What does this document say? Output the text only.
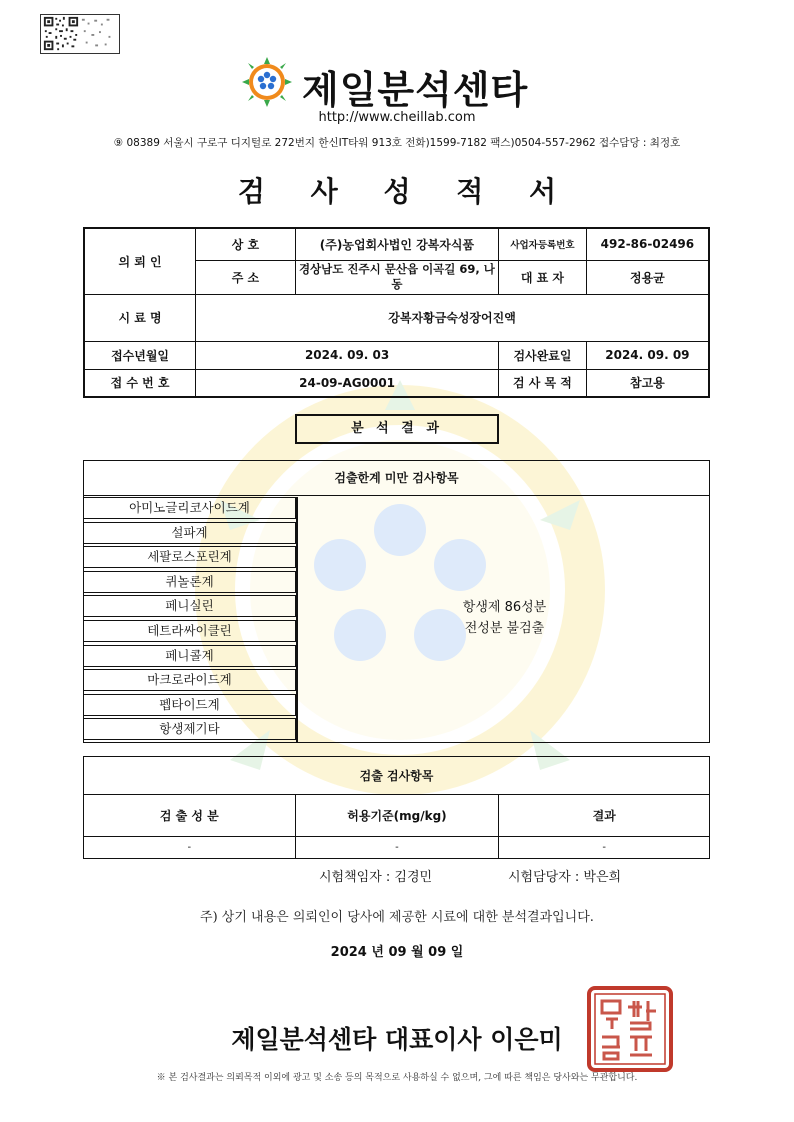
제일분석센타
http://www.cheillab.com
⑨ 08389 서울시 구로구 디지털로 272번지 한신IT타워 913호 전화)1599-7182 팩스)0504-557-2962 접수담당 : 최정호
검 사 성 적 서
의 뢰 인	상 호	(주)농업회사법인 강복자식품	사업자등록번호	492-86-02496
	주 소	경상남도 진주시 문산읍 이곡길 69, 나동	대 표 자	정용균
시 료 명	강복자황금숙성장어진액			
접수년월일	2024. 09. 03		검사완료일	2024. 09. 09
접 수 번 호	24-09-AG0001		검 사 목 적	참고용
분 석 결 과
검출한계 미만 검사항목
아미노글리코사이드계
설파계
세팔로스포린계
퀴놀론계
페니실린
테트라싸이클린
페니콜계
마크로라이드계
펩타이드계
항생제기타
항생제 86성분
전성분 불검출
검출 검사항목		
검 출 성 분	허용기준(mg/kg)	결과
-	-	-
시험책임자 : 김경민	시험담당자 : 박은희
주) 상기 내용은 의뢰인이 당사에 제공한 시료에 대한 분석결과입니다.
2024 년 09 월 09 일
제일분석센타 대표이사 이은미
※ 본 검사결과는 의뢰목적 이외에 광고 및 소송 등의 목적으로 사용하실 수 없으며, 그에 따른 책임은 당사와는 무관합니다.
